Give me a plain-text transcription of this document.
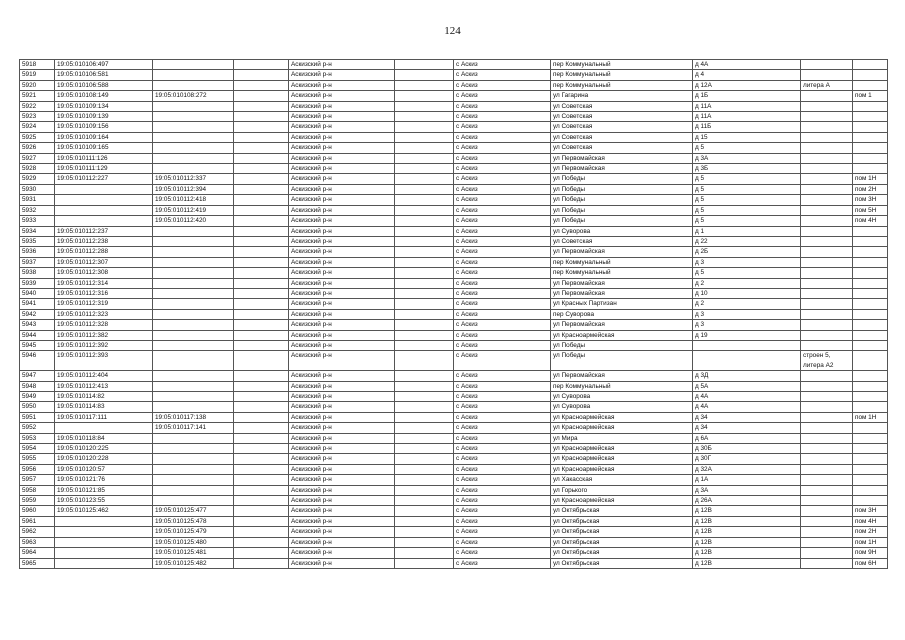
124
5918	19:05:010106:497			Аскизский р-н		с Аскиз	пер Коммунальный	д 4А		
5919	19:05:010106:581			Аскизский р-н		с Аскиз	пер Коммунальный	д 4		
5920	19:05:010106:588			Аскизский р-н		с Аскиз	пер Коммунальный	д 12А	литера А	
5921	19:05:010108:149	19:05:010108:272		Аскизский р-н		с Аскиз	ул Гагарина	д 1Б		пом 1
5922	19:05:010109:134			Аскизский р-н		с Аскиз	ул Советская	д 11А		
5923	19:05:010109:139			Аскизский р-н		с Аскиз	ул Советская	д 11А		
5924	19:05:010109:156			Аскизский р-н		с Аскиз	ул Советская	д 11Б		
5925	19:05:010109:164			Аскизский р-н		с Аскиз	ул Советская	д 15		
5926	19:05:010109:165			Аскизский р-н		с Аскиз	ул Советская	д 5		
5927	19:05:010111:126			Аскизский р-н		с Аскиз	ул Первомайская	д 3А		
5928	19:05:010111:129			Аскизский р-н		с Аскиз	ул Первомайская	д 3Б		
5929	19:05:010112:227	19:05:010112:337		Аскизский р-н		с Аскиз	ул Победы	д 5		пом 1Н
5930		19:05:010112:394		Аскизский р-н		с Аскиз	ул Победы	д 5		пом 2Н
5931		19:05:010112:418		Аскизский р-н		с Аскиз	ул Победы	д 5		пом 3Н
5932		19:05:010112:419		Аскизский р-н		с Аскиз	ул Победы	д 5		пом 5Н
5933		19:05:010112:420		Аскизский р-н		с Аскиз	ул Победы	д 5		пом 4Н
5934	19:05:010112:237			Аскизский р-н		с Аскиз	ул Суворова	д 1		
5935	19:05:010112:238			Аскизский р-н		с Аскиз	ул Советская	д 22		
5936	19:05:010112:288			Аскизский р-н		с Аскиз	ул Первомайская	д 2Б		
5937	19:05:010112:307			Аскизский р-н		с Аскиз	пер Коммунальный	д 3		
5938	19:05:010112:308			Аскизский р-н		с Аскиз	пер Коммунальный	д 5		
5939	19:05:010112:314			Аскизский р-н		с Аскиз	ул Первомайская	д 2		
5940	19:05:010112:316			Аскизский р-н		с Аскиз	ул Первомайская	д 10		
5941	19:05:010112:319			Аскизский р-н		с Аскиз	ул Красных Партизан	д 2		
5942	19:05:010112:323			Аскизский р-н		с Аскиз	пер Суворова	д 3		
5943	19:05:010112:328			Аскизский р-н		с Аскиз	ул Первомайская	д 3		
5944	19:05:010112:382			Аскизский р-н		с Аскиз	ул Красноармейская	д 19		
5945	19:05:010112:392			Аскизский р-н		с Аскиз	ул Победы			
5946	19:05:010112:393			Аскизский р-н		с Аскиз	ул Победы		строен 5, литера А2	
5947	19:05:010112:404			Аскизский р-н		с Аскиз	ул Первомайская	д 3Д		
5948	19:05:010112:413			Аскизский р-н		с Аскиз	пер Коммунальный	д 5А		
5949	19:05:010114:82			Аскизский р-н		с Аскиз	ул Суворова	д 4А		
5950	19:05:010114:83			Аскизский р-н		с Аскиз	ул Суворова	д 4А		
5951	19:05:010117:111	19:05:010117:138		Аскизский р-н		с Аскиз	ул Красноармейская	д 34		пом 1Н
5952		19:05:010117:141		Аскизский р-н		с Аскиз	ул Красноармейская	д 34		
5953	19:05:010118:84			Аскизский р-н		с Аскиз	ул Мира	д 6А		
5954	19:05:010120:225			Аскизский р-н		с Аскиз	ул Красноармейская	д 30Б		
5955	19:05:010120:228			Аскизский р-н		с Аскиз	ул Красноармейская	д 30Г		
5956	19:05:010120:57			Аскизский р-н		с Аскиз	ул Красноармейская	д 32А		
5957	19:05:010121:76			Аскизский р-н		с Аскиз	ул Хакасская	д 1А		
5958	19:05:010121:85			Аскизский р-н		с Аскиз	ул Горького	д 3А		
5959	19:05:010123:55			Аскизский р-н		с Аскиз	ул Красноармейская	д 26А		
5960	19:05:010125:462	19:05:010125:477		Аскизский р-н		с Аскиз	ул Октябрьская	д 12В		пом 3Н
5961		19:05:010125:478		Аскизский р-н		с Аскиз	ул Октябрьская	д 12В		пом 4Н
5962		19:05:010125:479		Аскизский р-н		с Аскиз	ул Октябрьская	д 12В		пом 2Н
5963		19:05:010125:480		Аскизский р-н		с Аскиз	ул Октябрьская	д 12В		пом 1Н
5964		19:05:010125:481		Аскизский р-н		с Аскиз	ул Октябрьская	д 12В		пом 9Н
5965		19:05:010125:482		Аскизский р-н		с Аскиз	ул Октябрьская	д 12В		пом 6Н
